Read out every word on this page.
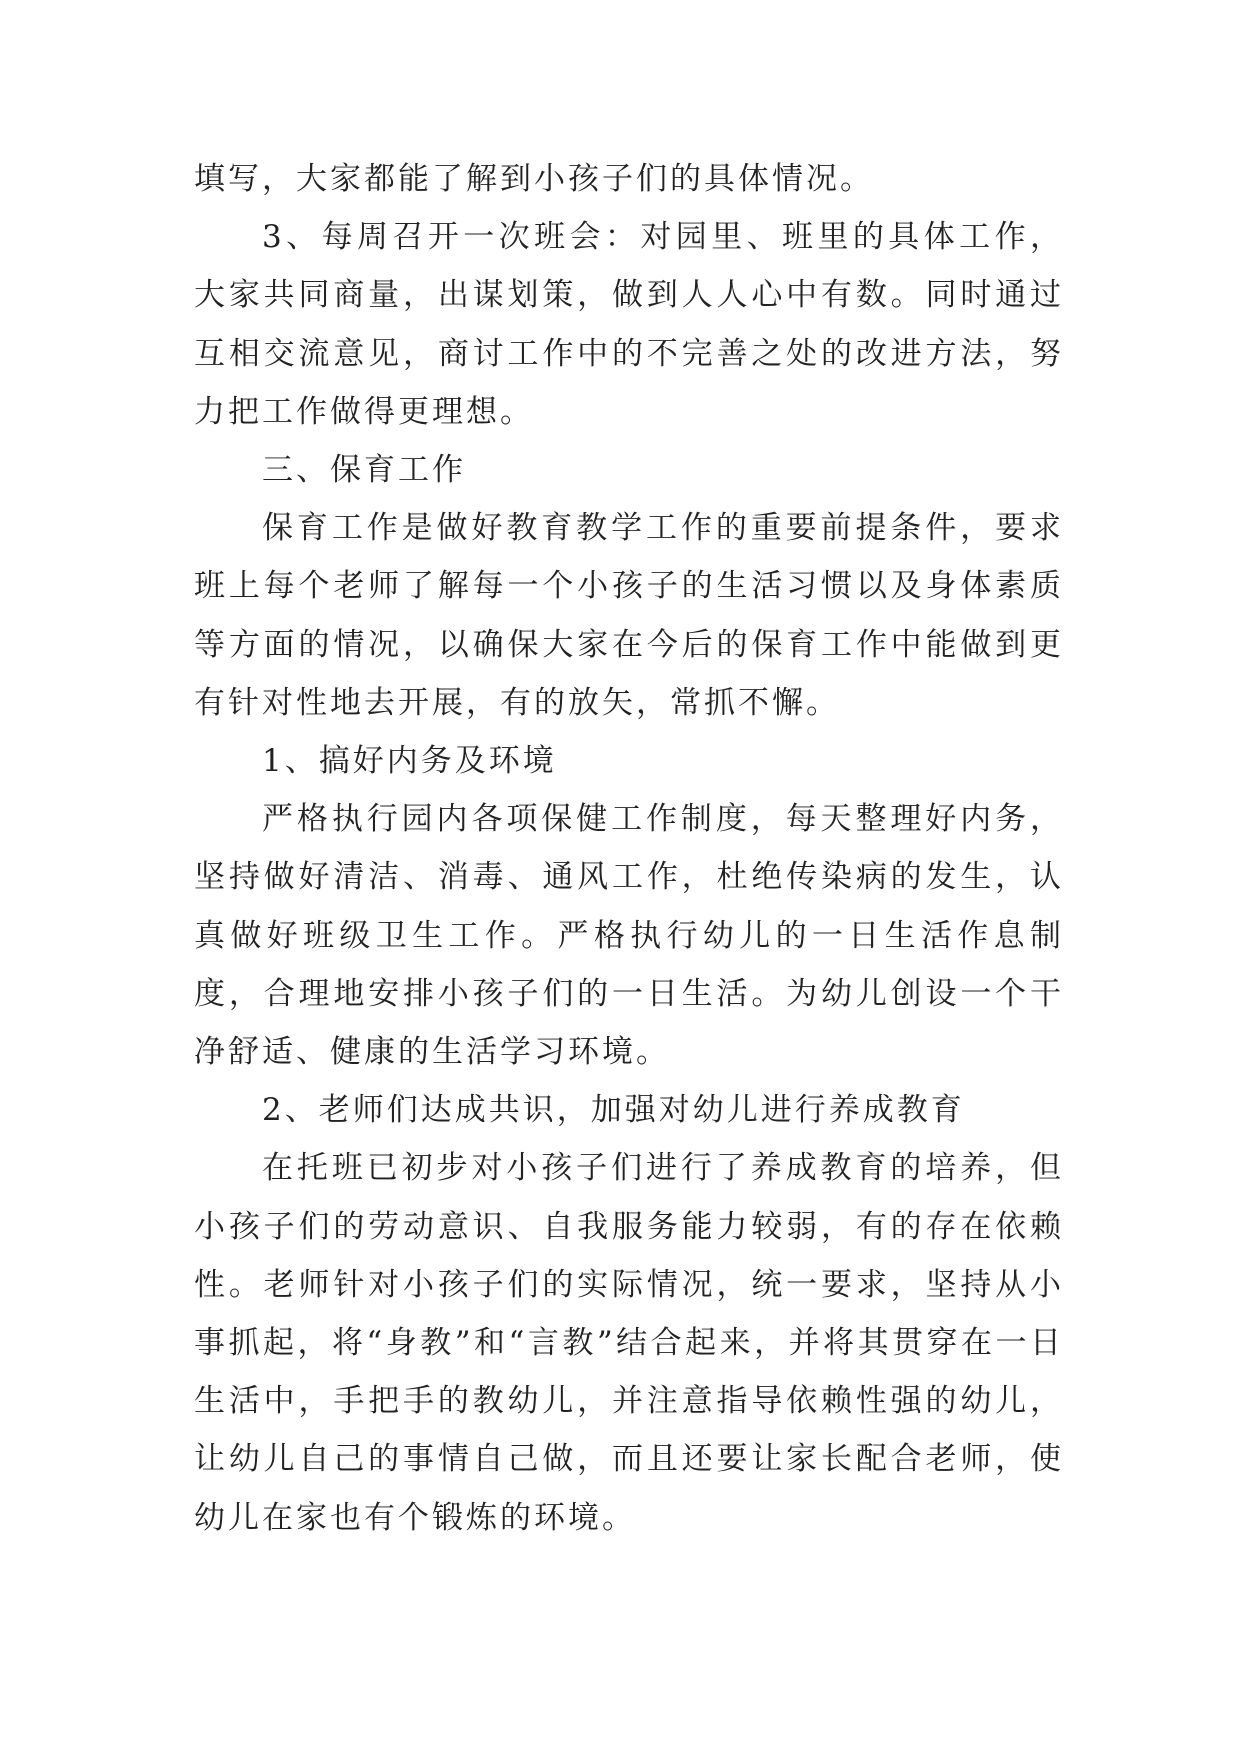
填写，大家都能了解到小孩子们的具体情况。

3、每周召开一次班会：对园里、班里的具体工作，大家共同商量，出谋划策，做到人人心中有数。同时通过互相交流意见，商讨工作中的不完善之处的改进方法，努力把工作做得更理想。

三、保育工作

保育工作是做好教育教学工作的重要前提条件，要求班上每个老师了解每一个小孩子的生活习惯以及身体素质等方面的情况，以确保大家在今后的保育工作中能做到更有针对性地去开展，有的放矢，常抓不懈。

1、搞好内务及环境

严格执行园内各项保健工作制度，每天整理好内务，坚持做好清洁、消毒、通风工作，杜绝传染病的发生，认真做好班级卫生工作。严格执行幼儿的一日生活作息制度，合理地安排小孩子们的一日生活。为幼儿创设一个干净舒适、健康的生活学习环境。

2、老师们达成共识，加强对幼儿进行养成教育

在托班已初步对小孩子们进行了养成教育的培养，但小孩子们的劳动意识、自我服务能力较弱，有的存在依赖性。老师针对小孩子们的实际情况，统一要求，坚持从小事抓起，将“身教”和“言教”结合起来，并将其贯穿在一日生活中，手把手的教幼儿，并注意指导依赖性强的幼儿，让幼儿自己的事情自己做，而且还要让家长配合老师，使幼儿在家也有个锻炼的环境。
